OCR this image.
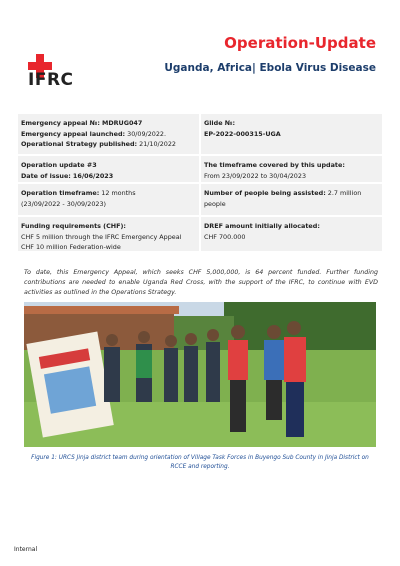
IFRC
Operation-Update
Uganda, Africa| Ebola Virus Disease
Emergency appeal №: MDRUG047
Emergency appeal launched: 30/09/2022.
Operational Strategy published: 21/10/2022
Glide №:
EP-2022-000315-UGA
Operation update #3
Date of issue: 16/06/2023
The timeframe covered by this update:
From 23/09/2022 to 30/04/2023
Operation timeframe: 12 months
(23/09/2022 - 30/09/2023)
Number of people being assisted: 2.7 million people
Funding requirements (CHF):
CHF 5 million through the IFRC Emergency Appeal
CHF 10 million Federation-wide
DREF amount initially allocated:
CHF 700.000

To date, this Emergency Appeal, which seeks CHF 5,000,000, is 64 percent funded. Further funding contributions are needed to enable Uganda Red Cross, with the support of the IFRC, to continue with EVD activities as outlined in the Operations Strategy.

Figure 1: URCS Jinja district team during orientation of Village Task Forces in Buyengo Sub County in Jinja District on RCCE and reporting.

Internal
